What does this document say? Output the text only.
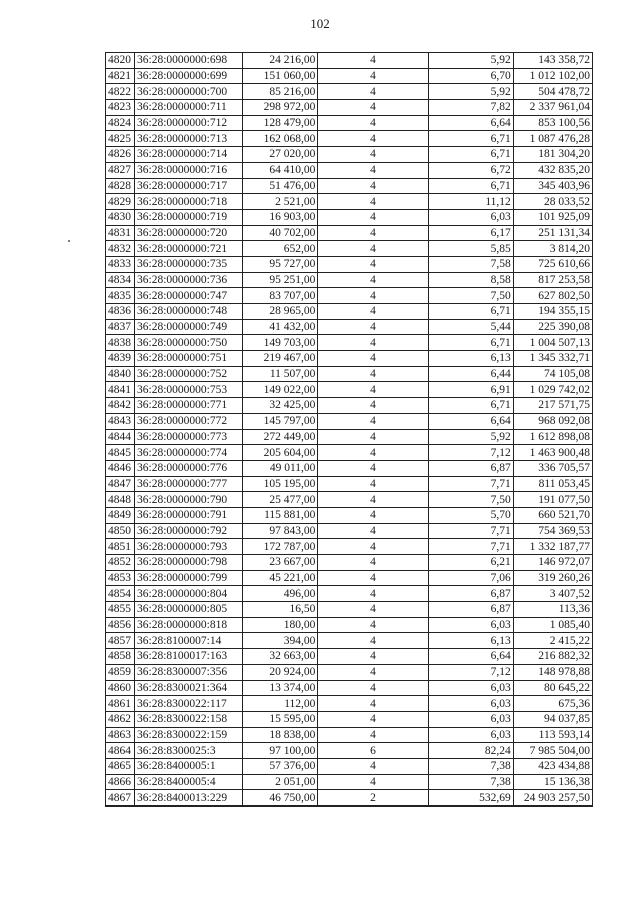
102
4820	36:28:0000000:698	24 216,00	4	5,92	143 358,72
4821	36:28:0000000:699	151 060,00	4	6,70	1 012 102,00
4822	36:28:0000000:700	85 216,00	4	5,92	504 478,72
4823	36:28:0000000:711	298 972,00	4	7,82	2 337 961,04
4824	36:28:0000000:712	128 479,00	4	6,64	853 100,56
4825	36:28:0000000:713	162 068,00	4	6,71	1 087 476,28
4826	36:28:0000000:714	27 020,00	4	6,71	181 304,20
4827	36:28:0000000:716	64 410,00	4	6,72	432 835,20
4828	36:28:0000000:717	51 476,00	4	6,71	345 403,96
4829	36:28:0000000:718	2 521,00	4	11,12	28 033,52
4830	36:28:0000000:719	16 903,00	4	6,03	101 925,09
4831	36:28:0000000:720	40 702,00	4	6,17	251 131,34
4832	36:28:0000000:721	652,00	4	5,85	3 814,20
4833	36:28:0000000:735	95 727,00	4	7,58	725 610,66
4834	36:28:0000000:736	95 251,00	4	8,58	817 253,58
4835	36:28:0000000:747	83 707,00	4	7,50	627 802,50
4836	36:28:0000000:748	28 965,00	4	6,71	194 355,15
4837	36:28:0000000:749	41 432,00	4	5,44	225 390,08
4838	36:28:0000000:750	149 703,00	4	6,71	1 004 507,13
4839	36:28:0000000:751	219 467,00	4	6,13	1 345 332,71
4840	36:28:0000000:752	11 507,00	4	6,44	74 105,08
4841	36:28:0000000:753	149 022,00	4	6,91	1 029 742,02
4842	36:28:0000000:771	32 425,00	4	6,71	217 571,75
4843	36:28:0000000:772	145 797,00	4	6,64	968 092,08
4844	36:28:0000000:773	272 449,00	4	5,92	1 612 898,08
4845	36:28:0000000:774	205 604,00	4	7,12	1 463 900,48
4846	36:28:0000000:776	49 011,00	4	6,87	336 705,57
4847	36:28:0000000:777	105 195,00	4	7,71	811 053,45
4848	36:28:0000000:790	25 477,00	4	7,50	191 077,50
4849	36:28:0000000:791	115 881,00	4	5,70	660 521,70
4850	36:28:0000000:792	97 843,00	4	7,71	754 369,53
4851	36:28:0000000:793	172 787,00	4	7,71	1 332 187,77
4852	36:28:0000000:798	23 667,00	4	6,21	146 972,07
4853	36:28:0000000:799	45 221,00	4	7,06	319 260,26
4854	36:28:0000000:804	496,00	4	6,87	3 407,52
4855	36:28:0000000:805	16,50	4	6,87	113,36
4856	36:28:0000000:818	180,00	4	6,03	1 085,40
4857	36:28:8100007:14	394,00	4	6,13	2 415,22
4858	36:28:8100017:163	32 663,00	4	6,64	216 882,32
4859	36:28:8300007:356	20 924,00	4	7,12	148 978,88
4860	36:28:8300021:364	13 374,00	4	6,03	80 645,22
4861	36:28:8300022:117	112,00	4	6,03	675,36
4862	36:28:8300022:158	15 595,00	4	6,03	94 037,85
4863	36:28:8300022:159	18 838,00	4	6,03	113 593,14
4864	36:28:8300025:3	97 100,00	6	82,24	7 985 504,00
4865	36:28:8400005:1	57 376,00	4	7,38	423 434,88
4866	36:28:8400005:4	2 051,00	4	7,38	15 136,38
4867	36:28:8400013:229	46 750,00	2	532,69	24 903 257,50
